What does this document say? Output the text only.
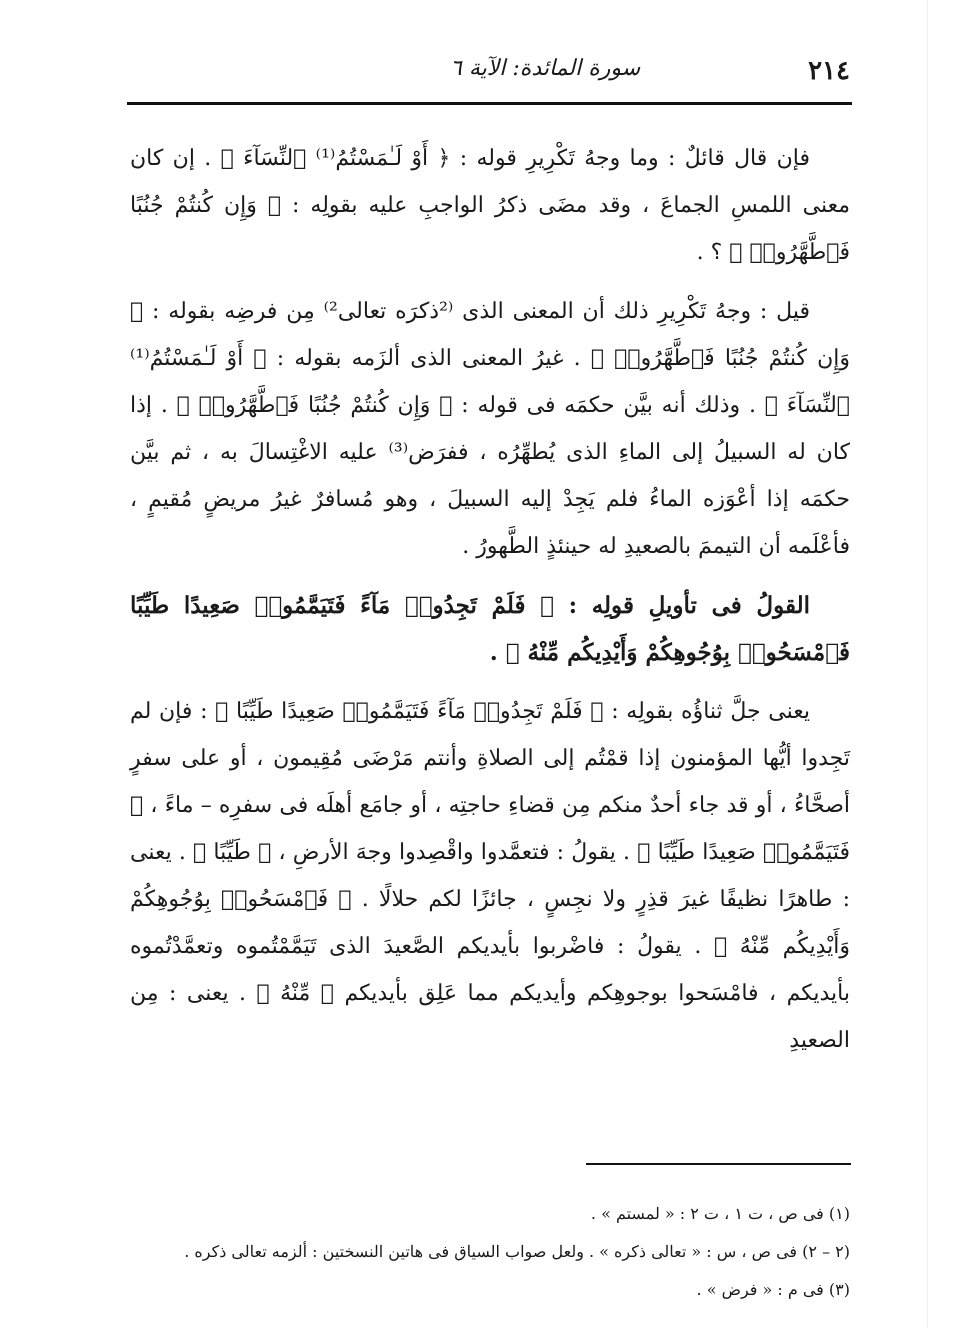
٢١٤
سورة المائدة: الآية ٦

فإن قال قائلٌ : وما وجهُ تَكْرِيرِ قوله : ﴿ أَوْ لَـٰمَسْتُمُ⁽¹⁾ ٱلنِّسَآءَ ﴾ . إن كان معنى اللمسِ الجماعَ ، وقد مضَى ذكرُ الواجبِ عليه بقولِه : ﴿ وَإِن كُنتُمْ جُنُبًا فَٱطَّهَّرُوا۟ ﴾ ؟ .

قيل : وجهُ تَكْرِيرِ ذلك أن المعنى الذى ⁽²ذكرَه تعالى²⁾ مِن فرضِه بقوله : ﴿ وَإِن كُنتُمْ جُنُبًا فَٱطَّهَّرُوا۟ ﴾ . غيرُ المعنى الذى ألزَمه بقوله : ﴿ أَوْ لَـٰمَسْتُمُ⁽¹⁾ ٱلنِّسَآءَ ﴾ . وذلك أنه بيَّن حكمَه فى قوله : ﴿ وَإِن كُنتُمْ جُنُبًا فَٱطَّهَّرُوا۟ ﴾ . إذا كان له السبيلُ إلى الماءِ الذى يُطهِّرُه ، ففرَض⁽³⁾ عليه الاغْتِسالَ به ، ثم بيَّن حكمَه إذا أعْوَزه الماءُ فلم يَجِدْ إليه السبيلَ ، وهو مُسافرٌ غيرُ مريضٍ مُقيمٍ ، فأعْلَمه أن التيممَ بالصعيدِ له حينئذٍ الطَّهورُ .

القولُ فى تأويلِ قولِه : ﴿ فَلَمْ تَجِدُوا۟ مَآءً فَتَيَمَّمُوا۟ صَعِيدًا طَيِّبًا فَٱمْسَحُوا۟ بِوُجُوهِكُمْ وَأَيْدِيكُم مِّنْهُ ﴾ .

يعنى جلَّ ثناؤُه بقولِه : ﴿ فَلَمْ تَجِدُوا۟ مَآءً فَتَيَمَّمُوا۟ صَعِيدًا طَيِّبًا ﴾ : فإن لم تَجِدوا أيُّها المؤمنون إذا قمْتُم إلى الصلاةِ وأنتم مَرْضَى مُقِيمون ، أو على سفرٍ أصحَّاءُ ، أو قد جاء أحدٌ منكم مِن قضاءِ حاجتِه ، أو جامَع أهلَه فى سفرِه – ماءً ، ﴿ فَتَيَمَّمُوا۟ صَعِيدًا طَيِّبًا ﴾ . يقولُ : فتعمَّدوا واقْصِدوا وجهَ الأرضِ ، ﴿ طَيِّبًا ﴾ . يعنى : طاهرًا نظيفًا غيرَ قذِرٍ ولا نجِسٍ ، جائزًا لكم حلالًا . ﴿ فَٱمْسَحُوا۟ بِوُجُوهِكُمْ وَأَيْدِيكُم مِّنْهُ ﴾ . يقولُ : فاضْربوا بأيديكم الصَّعيدَ الذى تَيَمَّمْتُموه وتعمَّدْتُموه بأيديكم ، فامْسَحوا بوجوهِكم وأيديكم مما عَلِق بأيديكم ﴿ مِّنْهُ ﴾ . يعنى : مِن الصعيدِ

(١) فى ص ، ت ١ ، ت ٢ : « لمستم » .
(٢ – ٢) فى ص ، س : « تعالى ذكره » . ولعل صواب السياق فى هاتين النسختين : ألزمه تعالى ذكره .
(٣) فى م : « فرض » .
